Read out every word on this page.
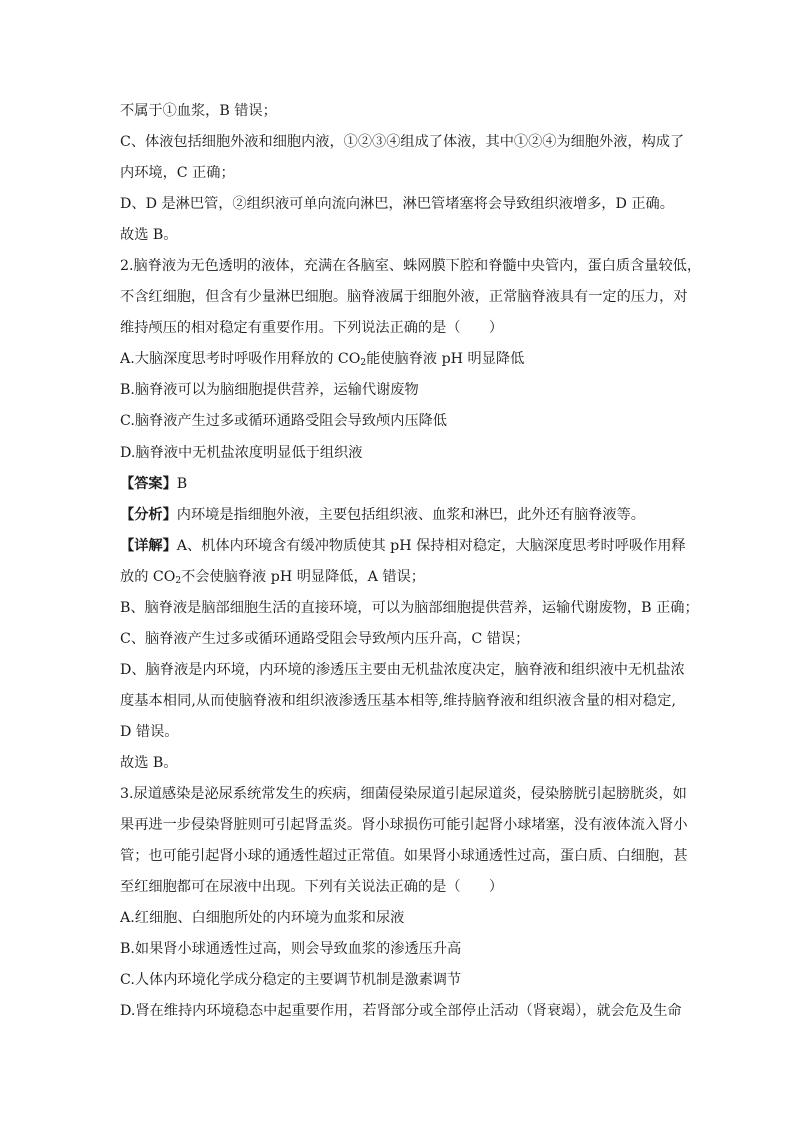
不属于①血浆，B 错误；

C、体液包括细胞外液和细胞内液，①②③④组成了体液，其中①②④为细胞外液，构成了

内环境，C 正确；

D、D 是淋巴管，②组织液可单向流向淋巴，淋巴管堵塞将会导致组织液增多，D 正确。

故选 B。

2.脑脊液为无色透明的液体，充满在各脑室、蛛网膜下腔和脊髓中央管内，蛋白质含量较低，

不含红细胞，但含有少量淋巴细胞。脑脊液属于细胞外液，正常脑脊液具有一定的压力，对

维持颅压的相对稳定有重要作用。下列说法正确的是（　　）

A.大脑深度思考时呼吸作用释放的 $CO_2$能使脑脊液 pH 明显降低

B.脑脊液可以为脑细胞提供营养，运输代谢废物

C.脑脊液产生过多或循环通路受阻会导致颅内压降低

D.脑脊液中无机盐浓度明显低于组织液

【答案】B

【分析】内环境是指细胞外液，主要包括组织液、血浆和淋巴，此外还有脑脊液等。

【详解】A、机体内环境含有缓冲物质使其 pH 保持相对稳定，大脑深度思考时呼吸作用释

放的 $CO_2$不会使脑脊液 pH 明显降低，A 错误；

B、脑脊液是脑部细胞生活的直接环境，可以为脑部细胞提供营养，运输代谢废物，B 正确；

C、脑脊液产生过多或循环通路受阻会导致颅内压升高，C 错误；

D、脑脊液是内环境，内环境的渗透压主要由无机盐浓度决定，脑脊液和组织液中无机盐浓

度基本相同,从而使脑脊液和组织液渗透压基本相等,维持脑脊液和组织液含量的相对稳定,

D 错误。

故选 B。

3.尿道感染是泌尿系统常发生的疾病，细菌侵染尿道引起尿道炎，侵染膀胱引起膀胱炎，如

果再进一步侵染肾脏则可引起肾盂炎。肾小球损伤可能引起肾小球堵塞，没有液体流入肾小

管；也可能引起肾小球的通透性超过正常值。如果肾小球通透性过高，蛋白质、白细胞，甚

至红细胞都可在尿液中出现。下列有关说法正确的是（　　）

A.红细胞、白细胞所处的内环境为血浆和尿液

B.如果肾小球通透性过高，则会导致血浆的渗透压升高

C.人体内环境化学成分稳定的主要调节机制是激素调节

D.肾在维持内环境稳态中起重要作用，若肾部分或全部停止活动（肾衰竭），就会危及生命
